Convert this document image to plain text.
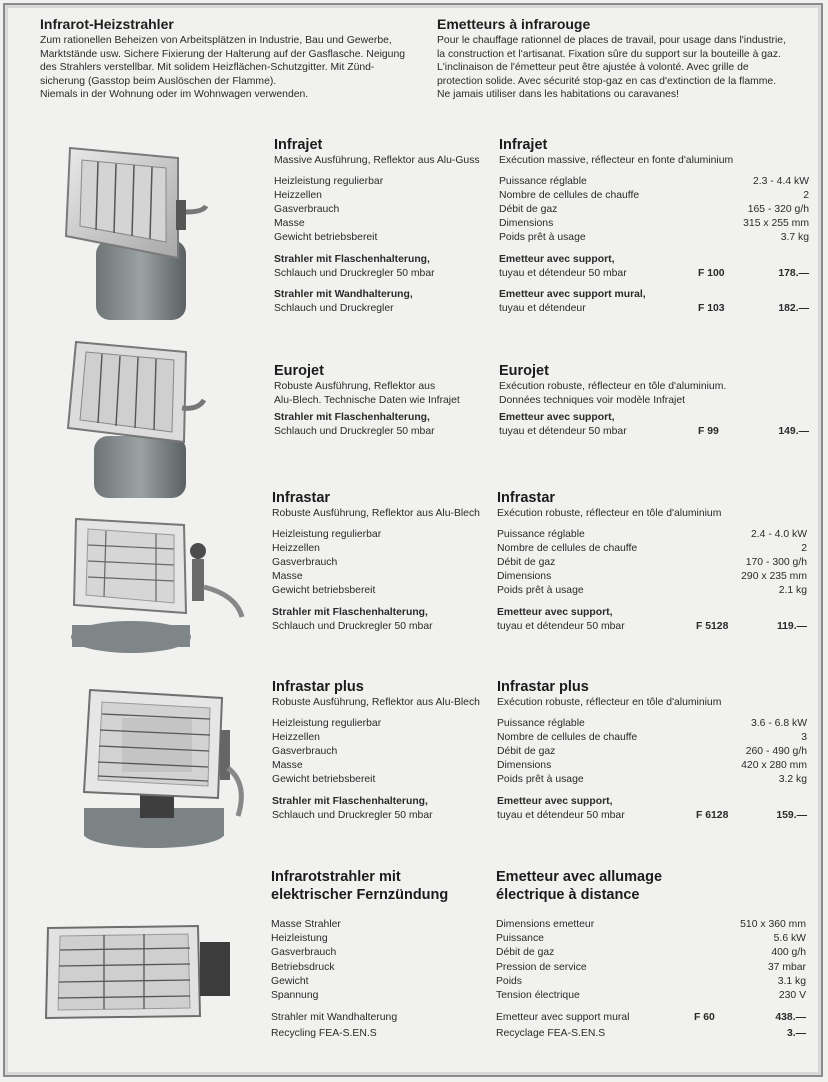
Infrarot-Heizstrahler

Zum rationellen Beheizen von Arbeitsplätzen in Industrie, Bau und Gewerbe,
Marktstände usw. Sichere Fixierung der Halterung auf der Gasflasche. Neigung
des Strahlers verstellbar. Mit solidem Heizflächen-Schutzgitter. Mit Zünd-
sicherung (Gasstop beim Auslöschen der Flamme).
Niemals in der Wohnung oder im Wohnwagen verwenden.

Emetteurs à infrarouge

Pour le chauffage rationnel de places de travail, pour usage dans l'industrie,
la construction et l'artisanat. Fixation sûre du support sur la bouteille à gaz.
L'inclinaison de l'émetteur peut être ajustée à volonté. Avec grille de
protection solide. Avec sécurité stop-gaz en cas d'extinction de la flamme.
Ne jamais utiliser dans les habitations ou caravanes!

Infrajet
Massive Ausführung, Reflektor aus Alu-Guss
Heizleistung regulierbar
Heizzellen
Gasverbrauch
Masse
Gewicht betriebsbereit
Strahler mit Flaschenhalterung,
Schlauch und Druckregler 50 mbar
Strahler mit Wandhalterung,
Schlauch und Druckregler
Infrajet
Exécution massive, réflecteur en fonte d'aluminium
Puissance réglable	2.3 - 4.4 kW
Nombre de cellules de chauffe	2
Débit de gaz	165 - 320 g/h
Dimensions	315 x 255 mm
Poids prêt à usage	3.7 kg
Emetteur avec support,
tuyau et détendeur 50 mbar	F 100	178.—
Emetteur avec support mural,
tuyau et détendeur	F 103	182.—
Eurojet
Robuste Ausführung, Reflektor aus
Alu-Blech. Technische Daten wie Infrajet
Strahler mit Flaschenhalterung,
Schlauch und Druckregler 50 mbar
Eurojet
Exécution robuste, réflecteur en tôle d'aluminium.
Données techniques voir modèle Infrajet
Emetteur avec support,
tuyau et détendeur 50 mbar	F 99	149.—
Infrastar
Robuste Ausführung, Reflektor aus Alu-Blech
Heizleistung regulierbar
Heizzellen
Gasverbrauch
Masse
Gewicht betriebsbereit
Strahler mit Flaschenhalterung,
Schlauch und Druckregler 50 mbar
Infrastar
Exécution robuste, réflecteur en tôle d'aluminium
Puissance réglable	2.4 - 4.0 kW
Nombre de cellules de chauffe	2
Débit de gaz	170 - 300 g/h
Dimensions	290 x 235 mm
Poids prêt à usage	2.1 kg
Emetteur avec support,
tuyau et détendeur 50 mbar	F 5128	119.—
Infrastar plus
Robuste Ausführung, Reflektor aus Alu-Blech
Heizleistung regulierbar
Heizzellen
Gasverbrauch
Masse
Gewicht betriebsbereit
Strahler mit Flaschenhalterung,
Schlauch und Druckregler 50 mbar
Infrastar plus
Exécution robuste, réflecteur en tôle d'aluminium
Puissance réglable	3.6 - 6.8 kW
Nombre de cellules de chauffe	3
Débit de gaz	260 - 490 g/h
Dimensions	420 x 280 mm
Poids prêt à usage	3.2 kg
Emetteur avec support,
tuyau et détendeur 50 mbar	F 6128	159.—
Infrarotstrahler mit
elektrischer Fernzündung
Masse Strahler
Heizleistung
Gasverbrauch
Betriebsdruck
Gewicht
Spannung
Strahler mit Wandhalterung
Recycling FEA-S.EN.S
Emetteur avec allumage
électrique à distance
Dimensions emetteur	510 x 360 mm
Puissance	5.6 kW
Débit de gaz	400 g/h
Pression de service	37 mbar
Poids	3.1 kg
Tension électrique	230 V
Emetteur avec support mural	F 60	438.—
Recyclage FEA-S.EN.S	3.—
